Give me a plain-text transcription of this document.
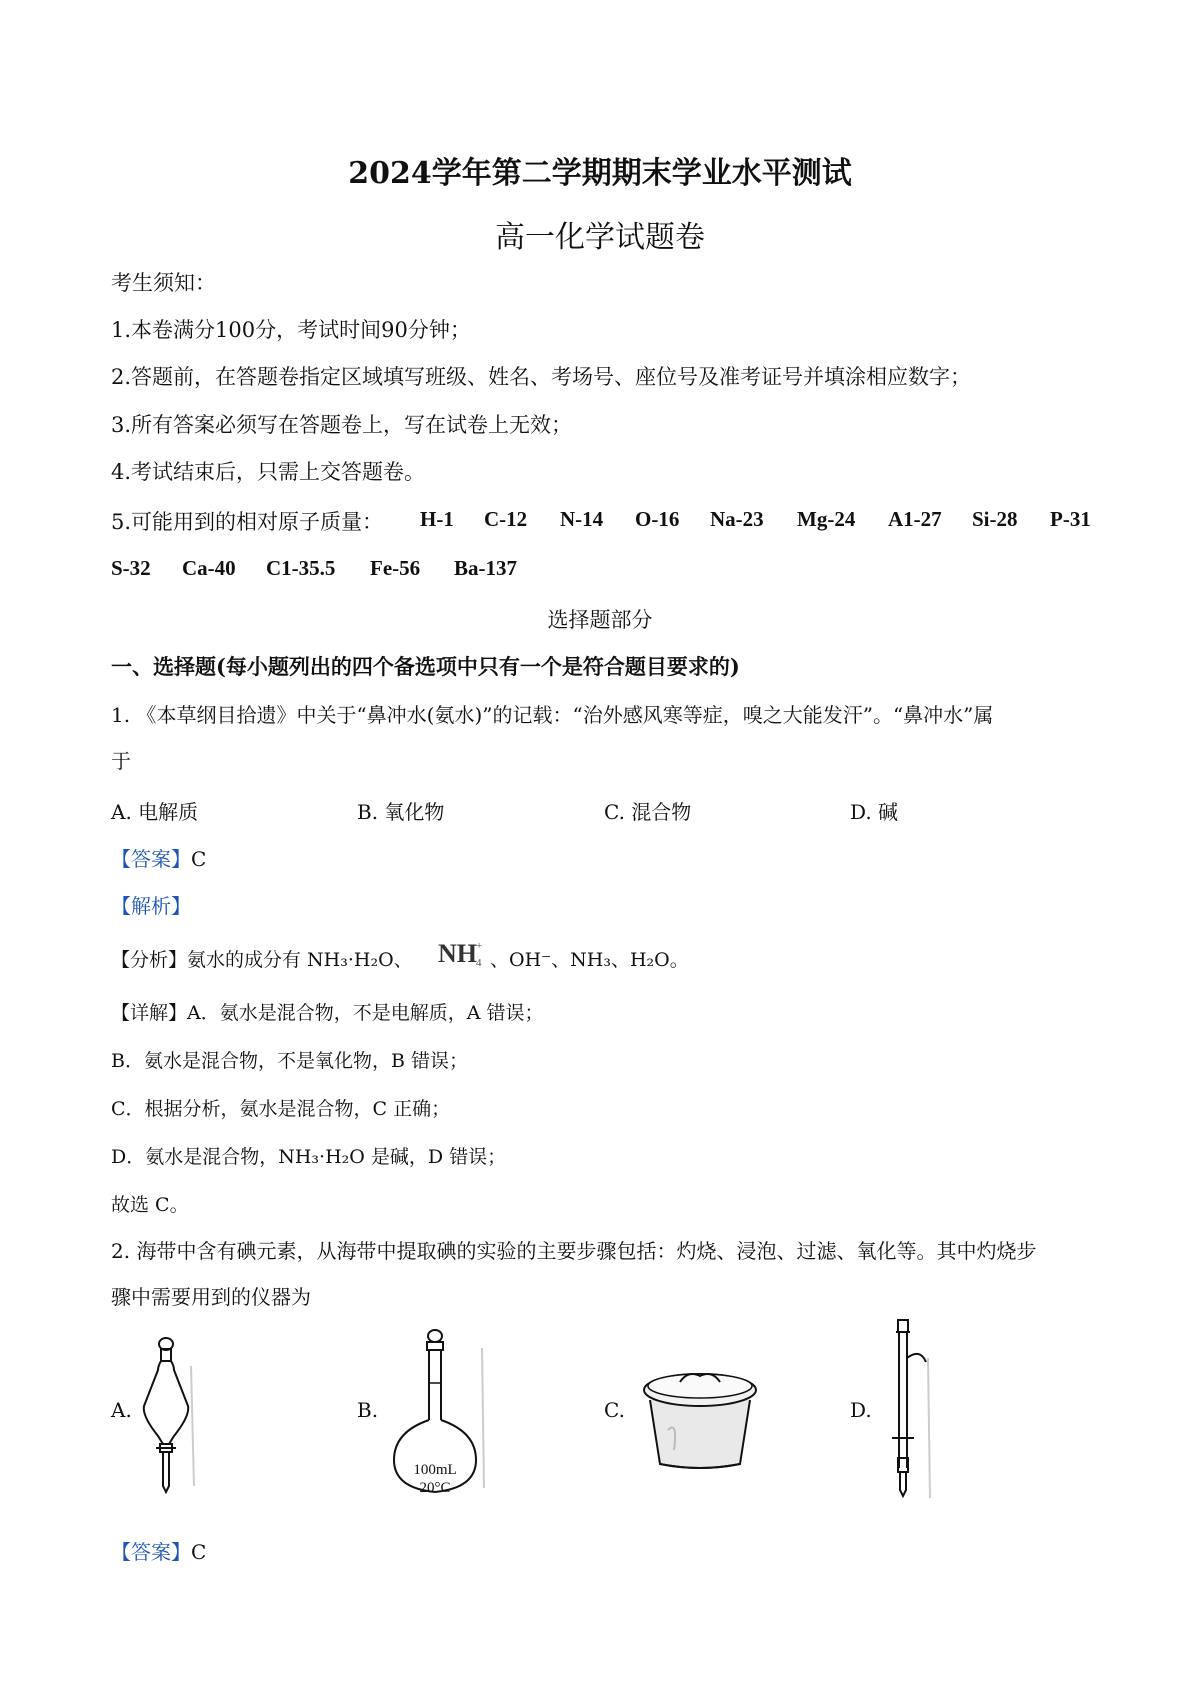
2024学年第二学期期末学业水平测试
高一化学试题卷
考生须知：
1.本卷满分100分，考试时间90分钟；
2.答题前，在答题卷指定区域填写班级、姓名、考场号、座位号及准考证号并填涂相应数字；
3.所有答案必须写在答题卷上，写在试卷上无效；
4.考试结束后，只需上交答题卷。
5.可能用到的相对原子质量： H-1 C-12 N-14 O-16 Na-23 Mg-24 A1-27 Si-28 P-31
S-32 Ca-40 C1-35.5 Fe-56 Ba-137
选择题部分
一、选择题(每小题列出的四个备选项中只有一个是符合题目要求的)
1. 《本草纲目拾遗》中关于“鼻冲水(氨水)”的记载：“治外感风寒等症，嗅之大能发汗”。“鼻冲水”属
于
A. 电解质	B. 氧化物	C. 混合物	D. 碱
【答案】C
【解析】
【分析】氨水的成分有 NH₃·H₂O、 NH +
4 、OH⁻、NH₃、H₂O。
【详解】A．氨水是混合物，不是电解质，A 错误；
B．氨水是混合物，不是氧化物，B 错误；
C．根据分析，氨水是混合物，C 正确；
D．氨水是混合物，NH₃·H₂O 是碱，D 错误；
故选 C。
2. 海带中含有碘元素，从海带中提取碘的实验的主要步骤包括：灼烧、浸泡、过滤、氧化等。其中灼烧步
骤中需要用到的仪器为
A.	B.	C.	D.
100mL
20°C
【答案】C
